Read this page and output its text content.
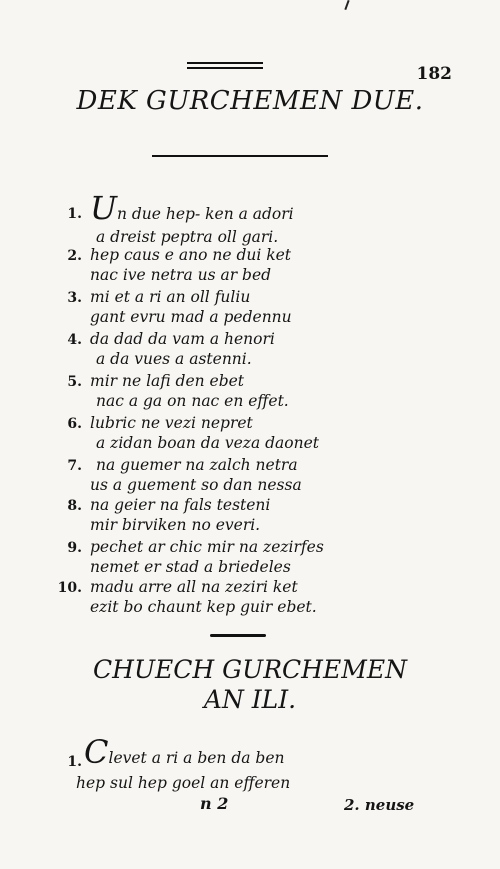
182
DEK GURCHEMEN DUE.
1. Un due hep- ken a adori
a dreist peptra oll gari.
2. hep caus e ano ne dui ket
nac ive netra us ar bed
3. mi et a ri an oll fuliu
gant evru mad a pedennu
4. da dad da vam a henori
a da vues a astenni.
5. mir ne lafi den ebet
nac a ga on nac en effet.
6. lubric ne vezi nepret
a zidan boan da veza daonet
7. na guemer na zalch netra
us a guement so dan nessa
8. na geier na fals testeni
mir birviken no everi.
9. pechet ar chic mir na zezirfes
nemet er stad a briedeles
10. madu arre all na zeziri ket
ezit bo chaunt kep guir ebet.
CHUECH GURCHEMEN
AN ILI.
1. Clevet a ri a ben da ben
hep sul hep goel an efferen
n 2	2. neuse
